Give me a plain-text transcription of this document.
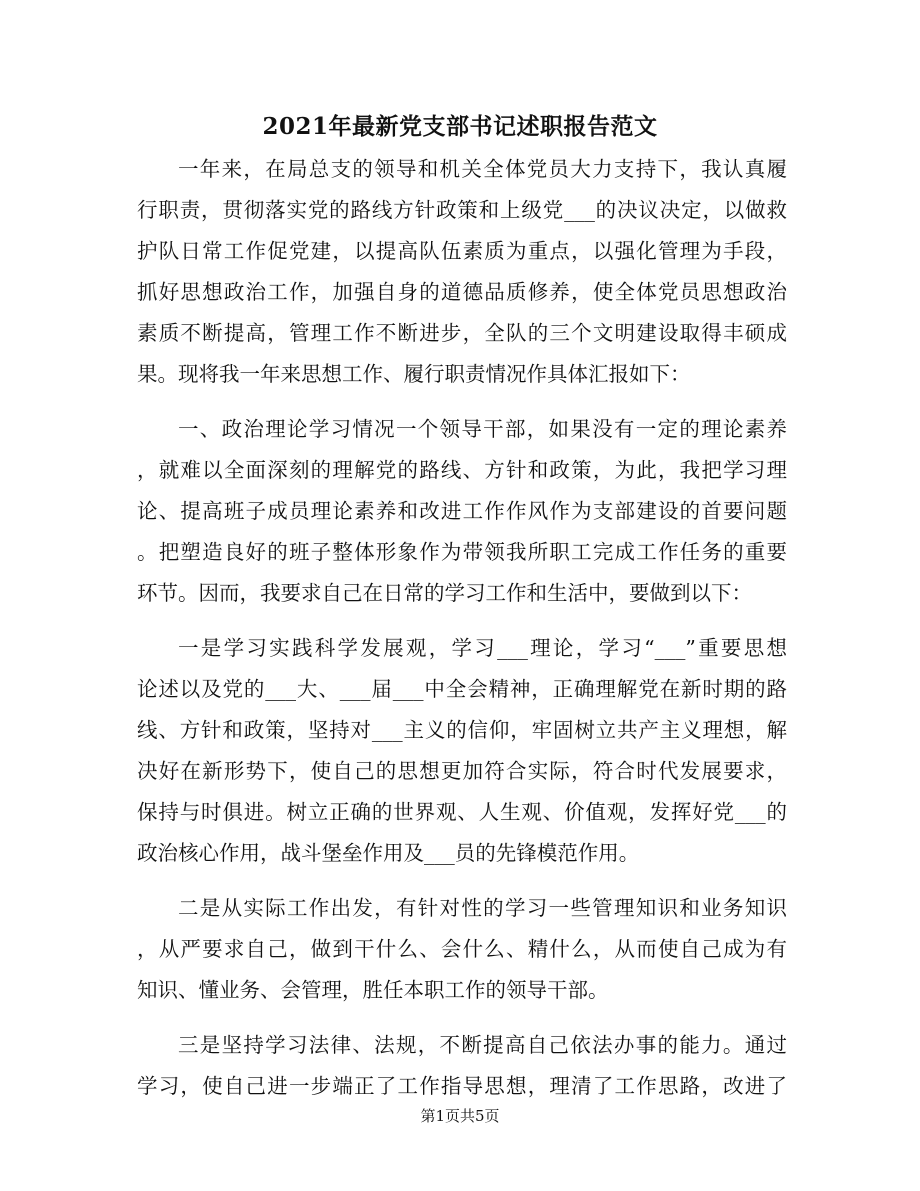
2021年最新党支部书记述职报告范文
一年来，在局总支的领导和机关全体党员大力支持下，我认真履
行职责，贯彻落实党的路线方针政策和上级党___的决议决定，以做救
护队日常工作促党建，以提高队伍素质为重点，以强化管理为手段，
抓好思想政治工作，加强自身的道德品质修养，使全体党员思想政治
素质不断提高，管理工作不断进步，全队的三个文明建设取得丰硕成
果。现将我一年来思想工作、履行职责情况作具体汇报如下：
一、政治理论学习情况一个领导干部，如果没有一定的理论素养
，就难以全面深刻的理解党的路线、方针和政策，为此，我把学习理
论、提高班子成员理论素养和改进工作作风作为支部建设的首要问题
。把塑造良好的班子整体形象作为带领我所职工完成工作任务的重要
环节。因而，我要求自己在日常的学习工作和生活中，要做到以下：
一是学习实践科学发展观，学习___理论，学习“___”重要思想
论述以及党的___大、___届___中全会精神，正确理解党在新时期的路
线、方针和政策，坚持对___主义的信仰，牢固树立共产主义理想，解
决好在新形势下，使自己的思想更加符合实际，符合时代发展要求，
保持与时俱进。树立正确的世界观、人生观、价值观，发挥好党___的
政治核心作用，战斗堡垒作用及___员的先锋模范作用。
二是从实际工作出发，有针对性的学习一些管理知识和业务知识
，从严要求自己，做到干什么、会什么、精什么，从而使自己成为有
知识、懂业务、会管理，胜任本职工作的领导干部。
三是坚持学习法律、法规，不断提高自己依法办事的能力。通过
学习，使自己进一步端正了工作指导思想，理清了工作思路，改进了
第1页共5页
